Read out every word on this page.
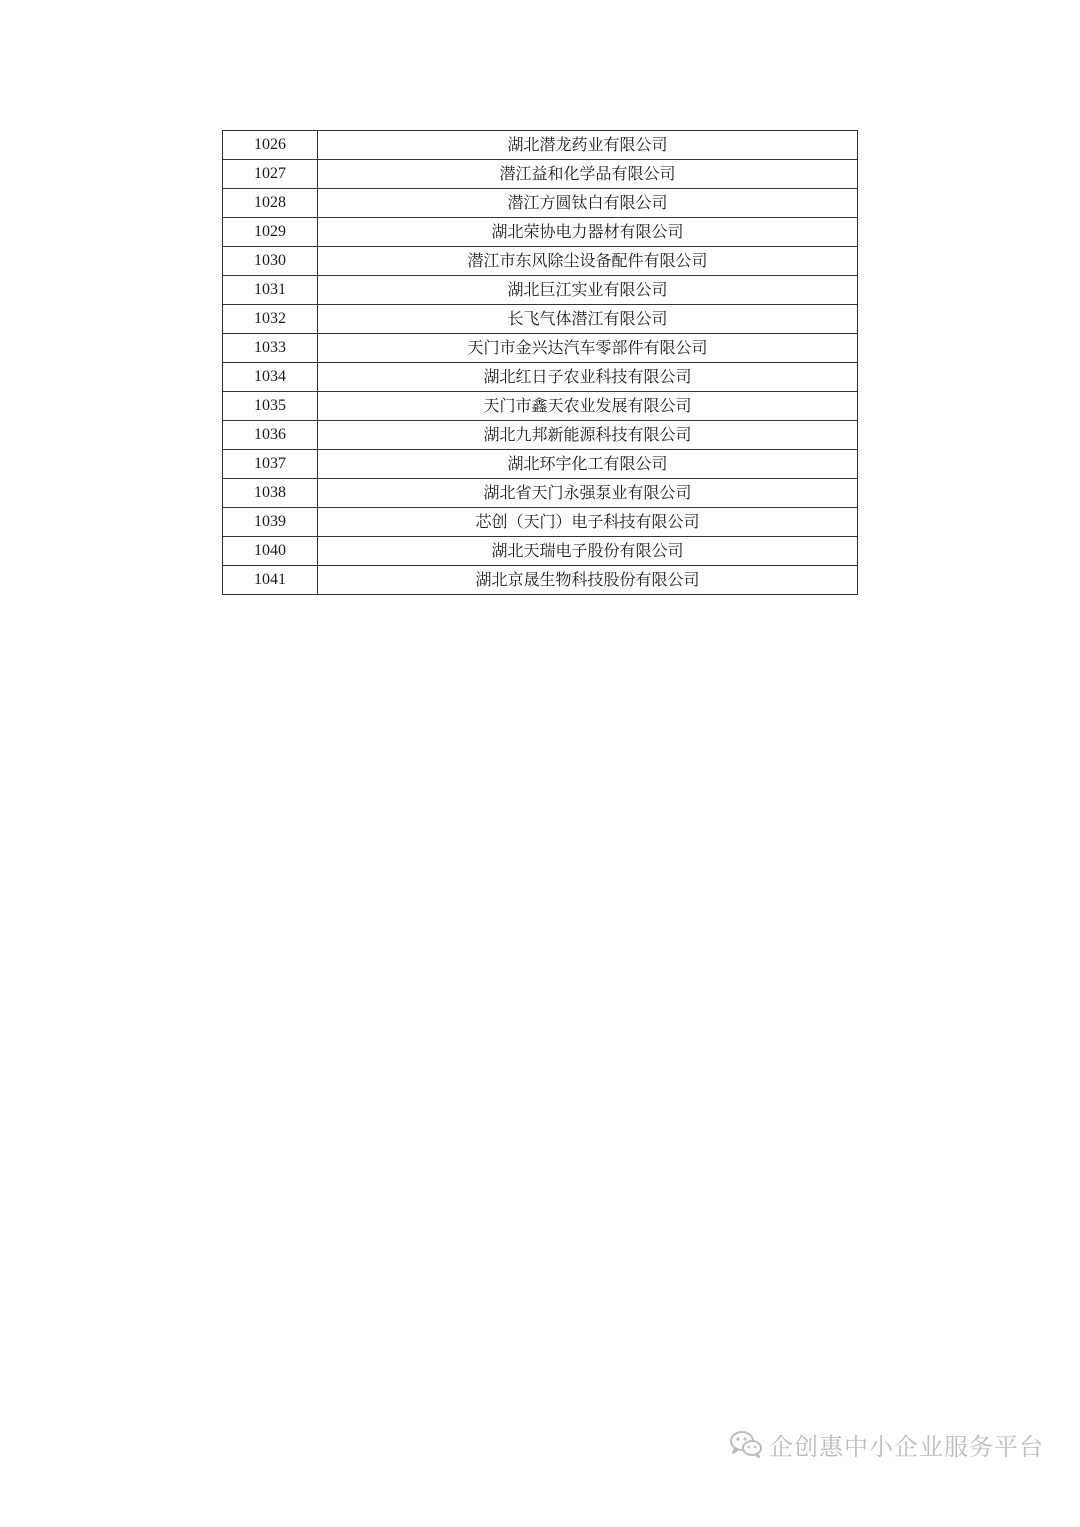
1026	湖北潜龙药业有限公司
1027	潜江益和化学品有限公司
1028	潜江方圆钛白有限公司
1029	湖北荣协电力器材有限公司
1030	潜江市东风除尘设备配件有限公司
1031	湖北巨江实业有限公司
1032	长飞气体潜江有限公司
1033	天门市金兴达汽车零部件有限公司
1034	湖北红日子农业科技有限公司
1035	天门市鑫天农业发展有限公司
1036	湖北九邦新能源科技有限公司
1037	湖北环宇化工有限公司
1038	湖北省天门永强泵业有限公司
1039	芯创（天门）电子科技有限公司
1040	湖北天瑞电子股份有限公司
1041	湖北京晟生物科技股份有限公司
企创惠中小企业服务平台
